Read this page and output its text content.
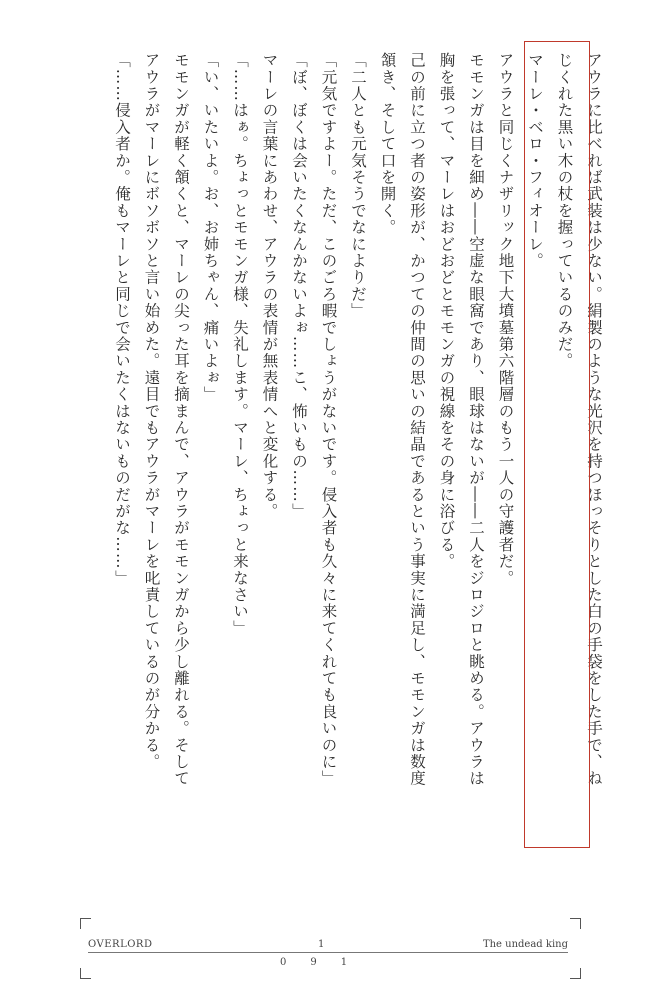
アウラに比べれば武装は少ない。絹製のような光沢を持つほっそりとした白の手袋をした手で、ね
じくれた黒い木の杖を握っているのみだ。
マーレ・ベロ・フィオーレ。
アウラと同じくナザリック地下大墳墓第六階層のもう一人の守護者だ。
モモンガは目を細め――空虚な眼窩であり、眼球はないが――二人をジロジロと眺める。アウラは
胸を張って、マーレはおどおどとモモンガの視線をその身に浴びる。
己の前に立つ者の姿形が、かつての仲間の思いの結晶であるという事実に満足し、モモンガは数度
頷き、そして口を開く。
「二人とも元気そうでなによりだ」
「元気ですよー。ただ、このごろ暇でしょうがないです。侵入者も久々に来てくれても良いのに」
「ぼ、ぼくは会いたくなんかないよぉ……こ、怖いもの……」
マーレの言葉にあわせ、アウラの表情が無表情へと変化する。
「……はぁ。ちょっとモモンガ様、失礼します。マーレ、ちょっと来なさい」
「い、いたいよ。お、お姉ちゃん、痛いよぉ」
モモンガが軽く頷くと、マーレの尖った耳を摘まんで、アウラがモモンガから少し離れる。そして
アウラがマーレにボソボソと言い始めた。遠目でもアウラがマーレを叱責しているのが分かる。
「……侵入者か。俺もマーレと同じで会いたくはないものだがな……」
OVERLORD	1	The undead king
091
